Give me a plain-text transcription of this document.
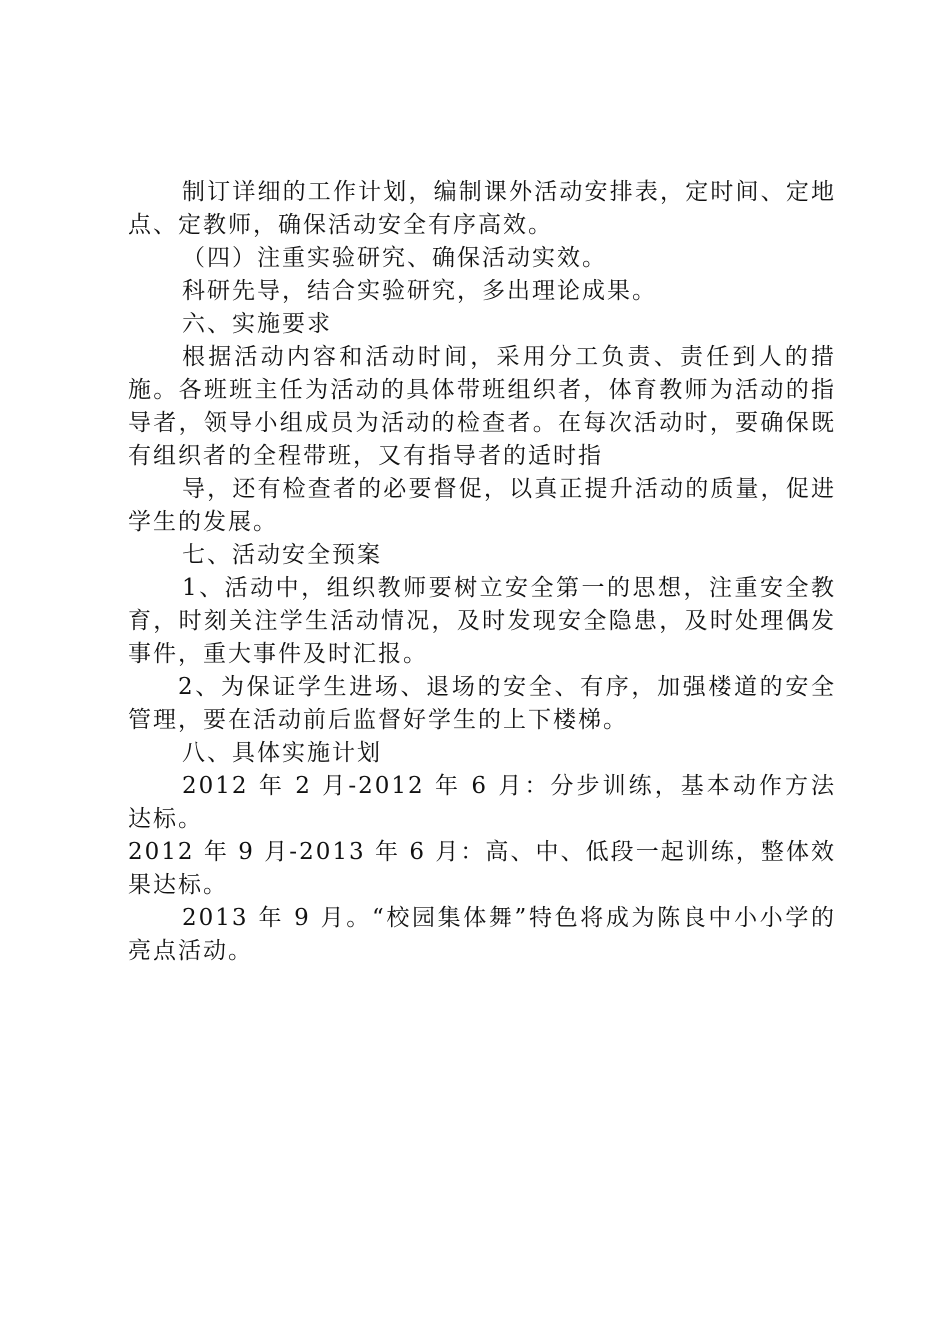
制订详细的工作计划，编制课外活动安排表，定时间、定地点、定教师，确保活动安全有序高效。

（四）注重实验研究、确保活动实效。

科研先导，结合实验研究，多出理论成果。

六、实施要求

根据活动内容和活动时间，采用分工负责、责任到人的措施。各班班主任为活动的具体带班组织者，体育教师为活动的指导者，领导小组成员为活动的检查者。在每次活动时，要确保既有组织者的全程带班，又有指导者的适时指

导，还有检查者的必要督促，以真正提升活动的质量，促进学生的发展。

七、活动安全预案

1、活动中，组织教师要树立安全第一的思想，注重安全教育，时刻关注学生活动情况，及时发现安全隐患，及时处理偶发事件，重大事件及时汇报。

2、为保证学生进场、退场的安全、有序，加强楼道的安全管理，要在活动前后监督好学生的上下楼梯。

八、具体实施计划

2012 年 2 月-2012 年 6 月：分步训练，基本动作方法达标。

2012 年 9 月-2013 年 6 月：高、中、低段一起训练，整体效果达标。

2013 年 9 月。“校园集体舞”特色将成为陈良中小小学的亮点活动。
